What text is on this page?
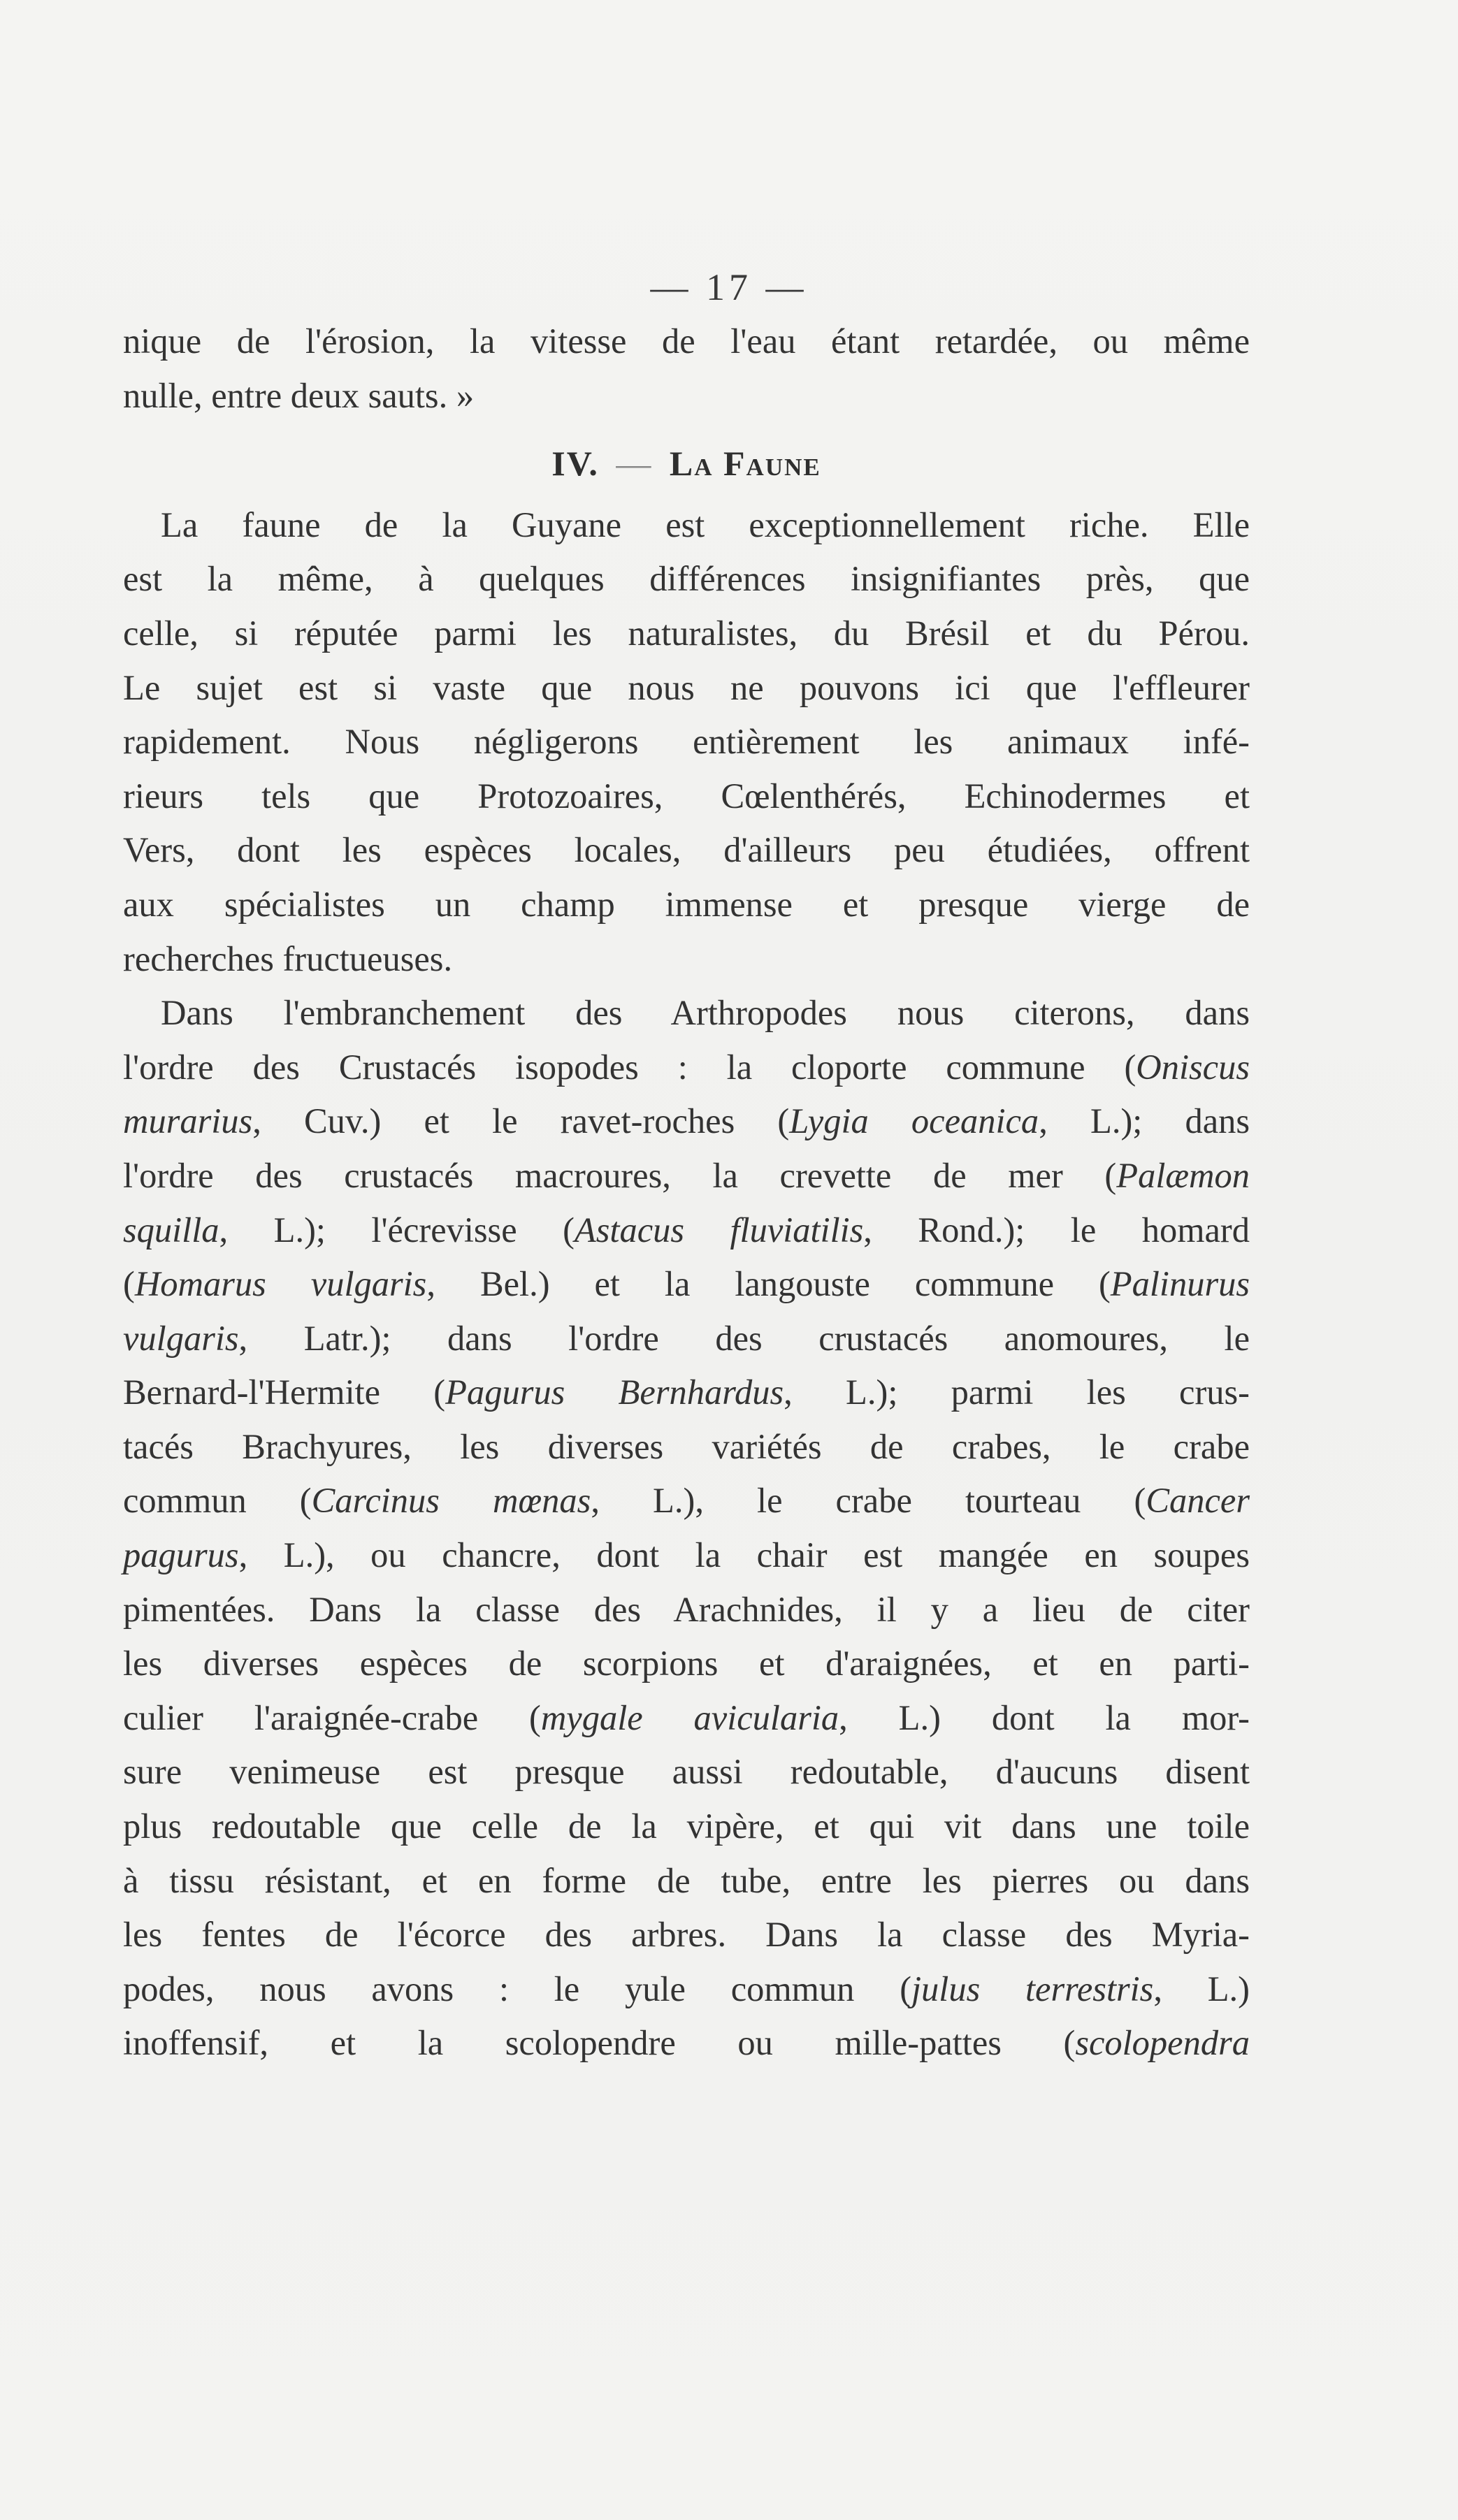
— 17 —

nique de l'érosion, la vitesse de l'eau étant retardée, ou même

nulle, entre deux sauts. »

IV. — La Faune

La faune de la Guyane est exceptionnellement riche. Elle

est la même, à quelques différences insignifiantes près, que

celle, si réputée parmi les naturalistes, du Brésil et du Pérou.

Le sujet est si vaste que nous ne pouvons ici que l'effleurer

rapidement. Nous négligerons entièrement les animaux infé-

rieurs tels que Protozoaires, Cœlenthérés, Echinodermes et

Vers, dont les espèces locales, d'ailleurs peu étudiées, offrent

aux spécialistes un champ immense et presque vierge de

recherches fructueuses.

Dans l'embranchement des Arthropodes nous citerons, dans

l'ordre des Crustacés isopodes : la cloporte commune (Oniscus

murarius, Cuv.) et le ravet-roches (Lygia oceanica, L.); dans

l'ordre des crustacés macroures, la crevette de mer (Palæmon

squilla, L.); l'écrevisse (Astacus fluviatilis, Rond.); le homard

(Homarus vulgaris, Bel.) et la langouste commune (Palinurus

vulgaris, Latr.); dans l'ordre des crustacés anomoures, le

Bernard-l'Hermite (Pagurus Bernhardus, L.); parmi les crus-

tacés Brachyures, les diverses variétés de crabes, le crabe

commun (Carcinus mœnas, L.), le crabe tourteau (Cancer

pagurus, L.), ou chancre, dont la chair est mangée en soupes

pimentées. Dans la classe des Arachnides, il y a lieu de citer

les diverses espèces de scorpions et d'araignées, et en parti-

culier l'araignée-crabe (mygale avicularia, L.) dont la mor-

sure venimeuse est presque aussi redoutable, d'aucuns disent

plus redoutable que celle de la vipère, et qui vit dans une toile

à tissu résistant, et en forme de tube, entre les pierres ou dans

les fentes de l'écorce des arbres. Dans la classe des Myria-

podes, nous avons : le yule commun (julus terrestris, L.)

inoffensif, et la scolopendre ou mille-pattes (scolopendra
